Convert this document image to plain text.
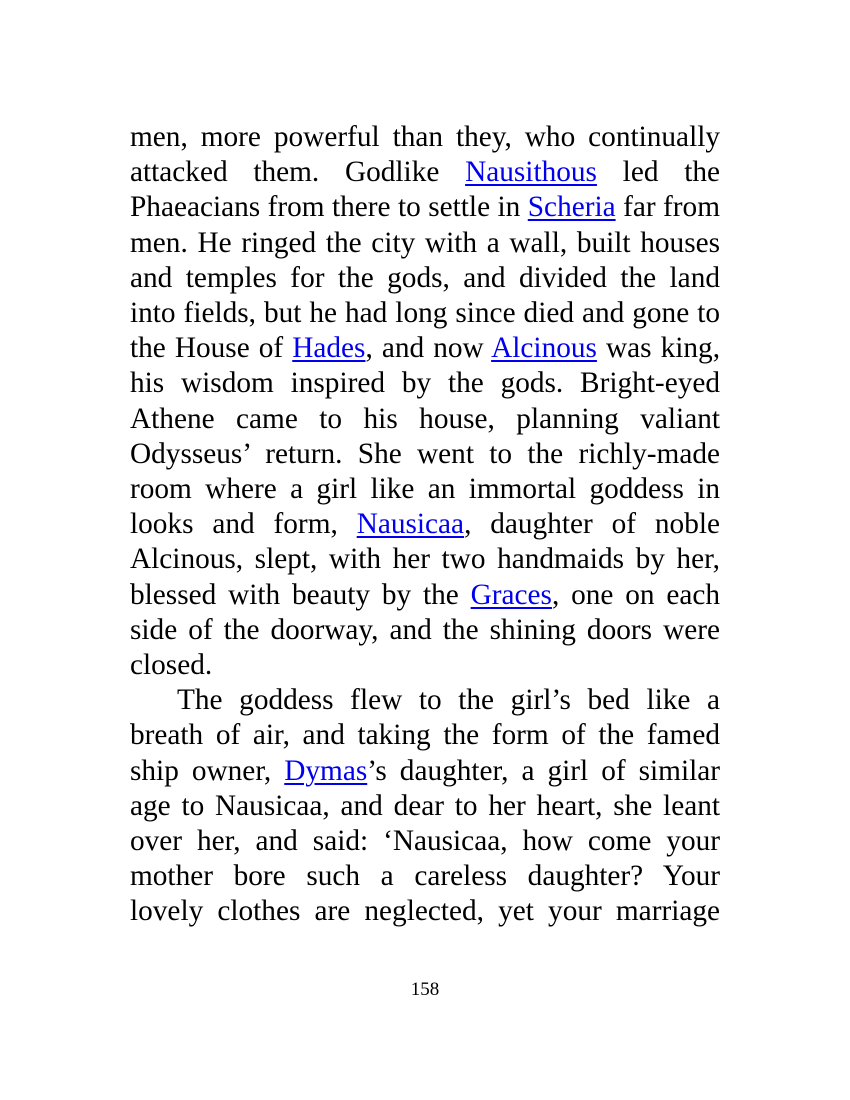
men, more powerful than they, who continually attacked them. Godlike Nausithous led the Phaeacians from there to settle in Scheria far from men. He ringed the city with a wall, built houses and temples for the gods, and divided the land into fields, but he had long since died and gone to the House of Hades, and now Alcinous was king, his wisdom inspired by the gods. Bright-eyed Athene came to his house, planning valiant Odysseus’ return. She went to the richly-made room where a girl like an immortal goddess in looks and form, Nausicaa, daughter of noble Alcinous, slept, with her two handmaids by her, blessed with beauty by the Graces, one on each side of the doorway, and the shining doors were closed.

The goddess flew to the girl’s bed like a breath of air, and taking the form of the famed ship owner, Dymas’s daughter, a girl of similar age to Nausicaa, and dear to her heart, she leant over her, and said: ‘Nausicaa, how come your mother bore such a careless daughter? Your lovely clothes are neglected, yet your marriage

158
